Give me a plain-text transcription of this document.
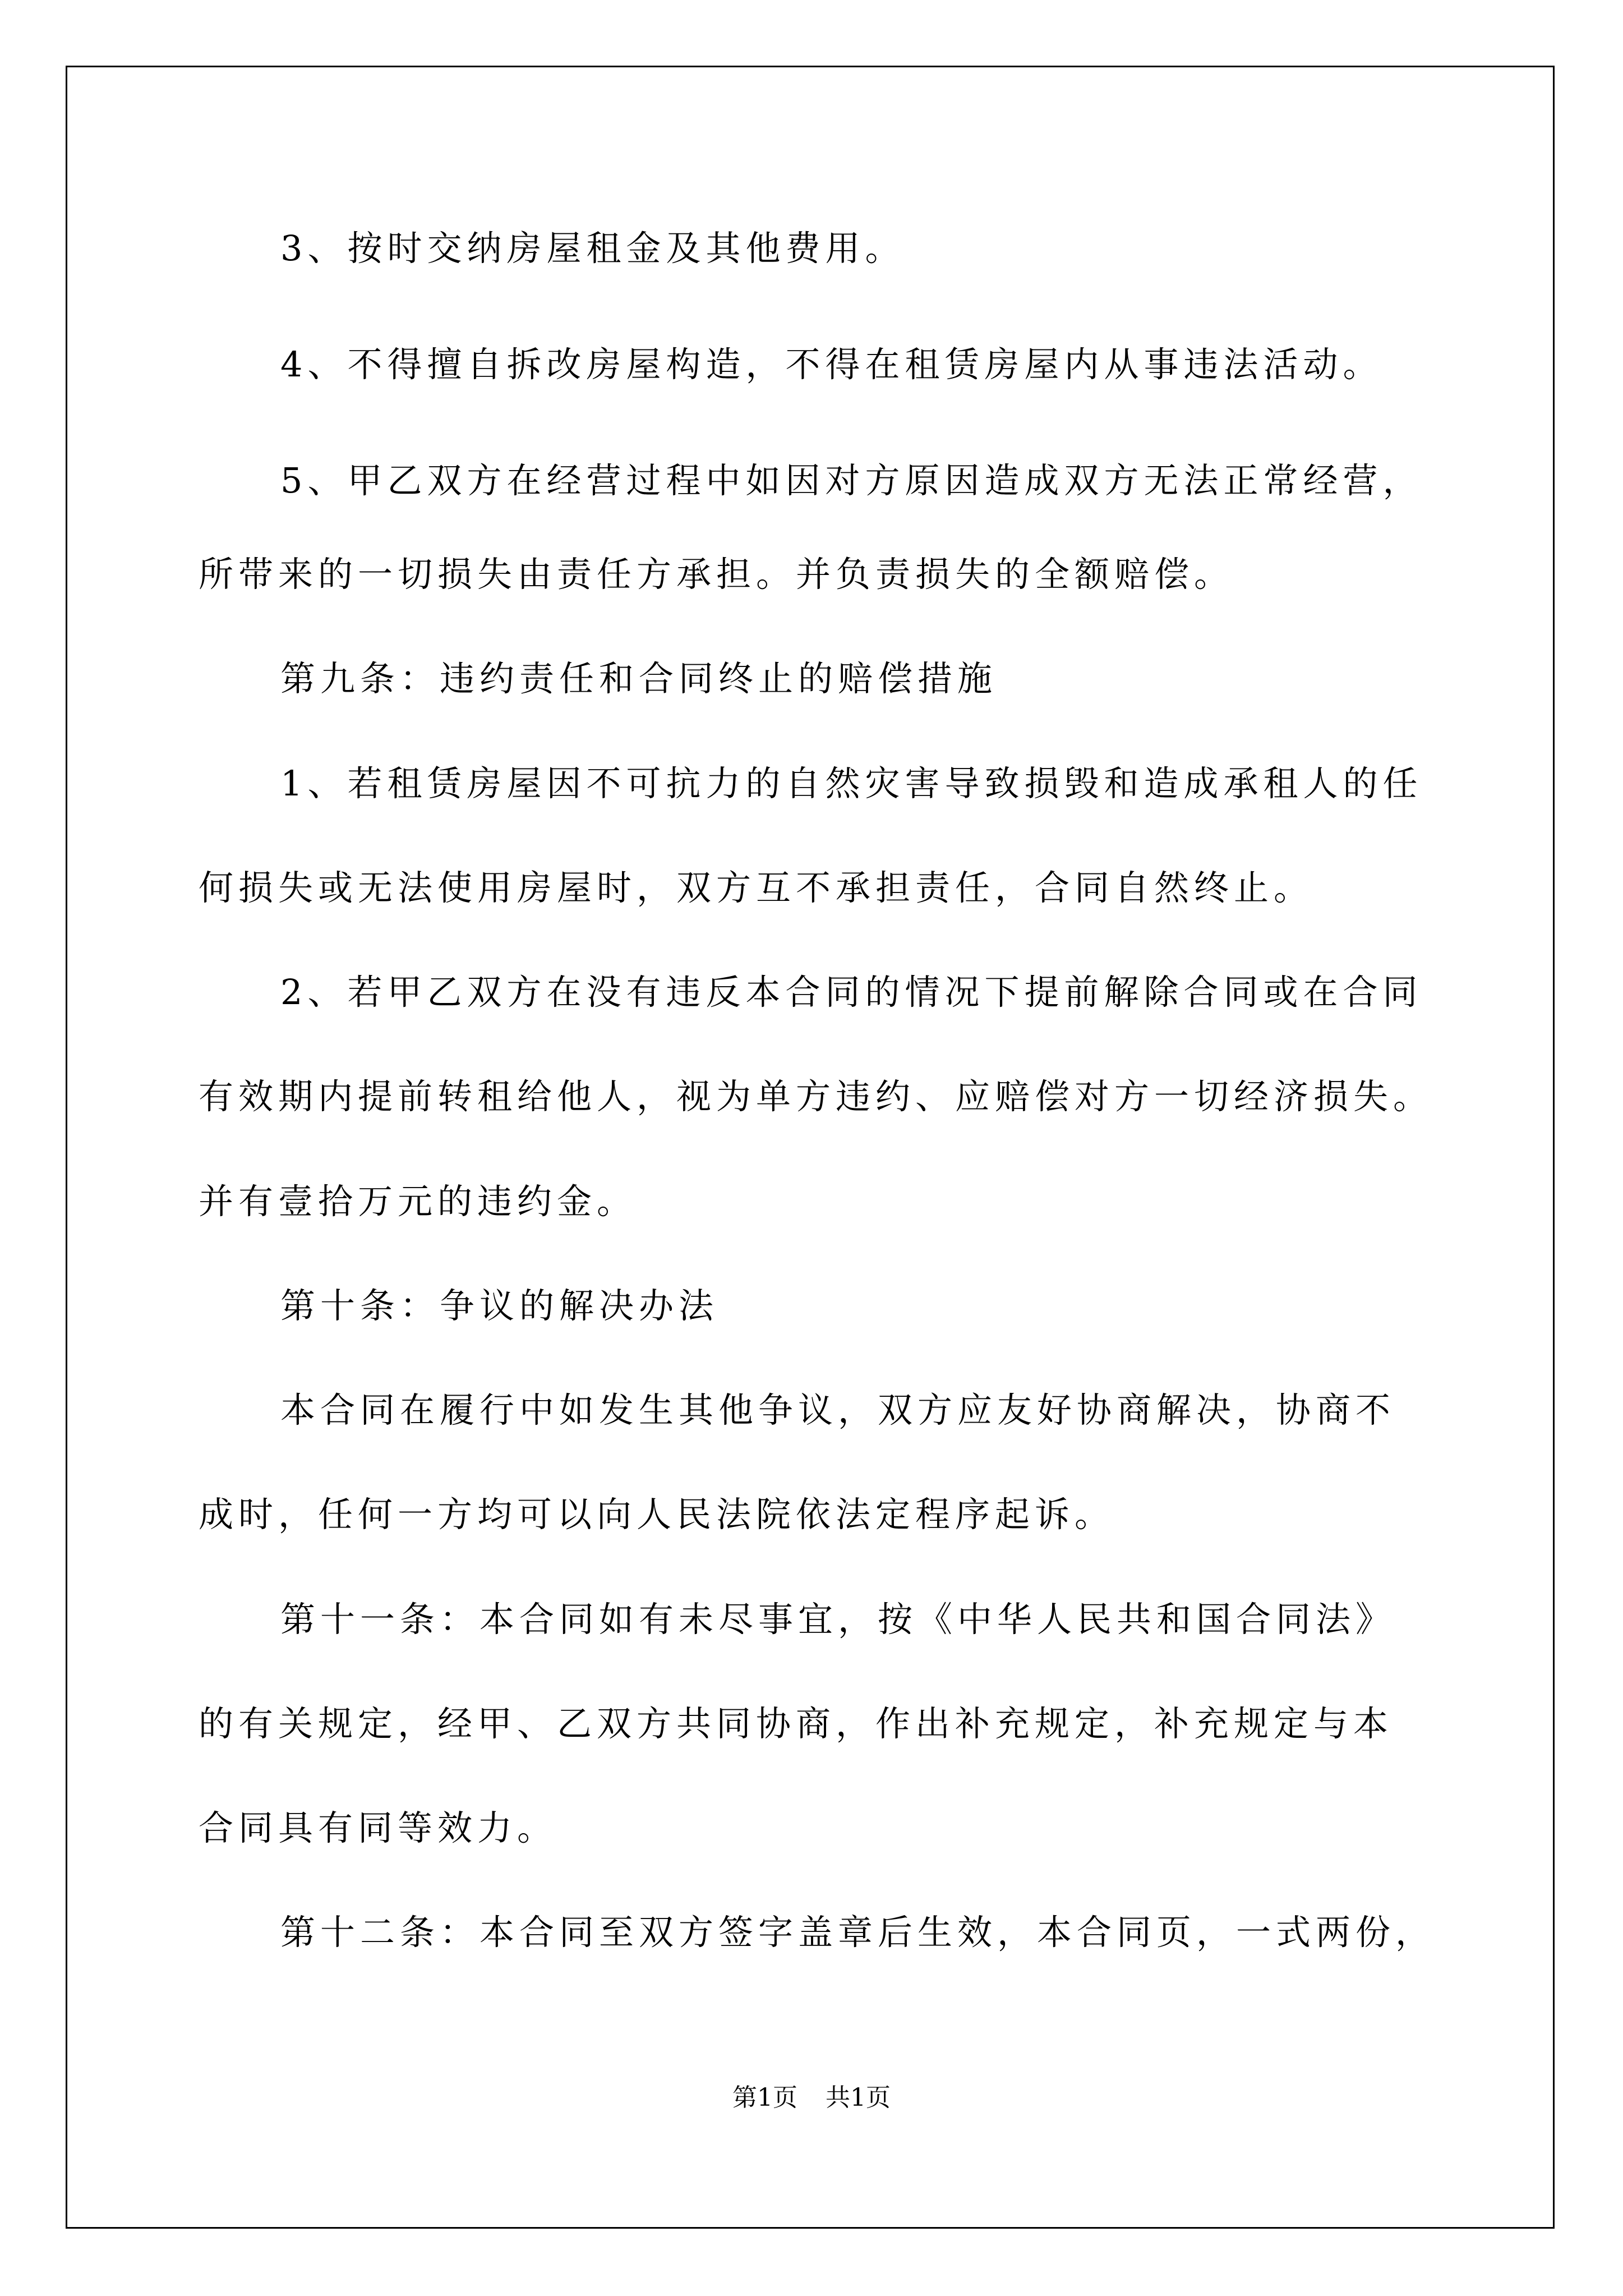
3、按时交纳房屋租金及其他费用。
4、不得擅自拆改房屋构造，不得在租赁房屋内从事违法活动。
5、甲乙双方在经营过程中如因对方原因造成双方无法正常经营，
所带来的一切损失由责任方承担。并负责损失的全额赔偿。
第九条：违约责任和合同终止的赔偿措施
1、若租赁房屋因不可抗力的自然灾害导致损毁和造成承租人的任
何损失或无法使用房屋时，双方互不承担责任，合同自然终止。
2、若甲乙双方在没有违反本合同的情况下提前解除合同或在合同
有效期内提前转租给他人，视为单方违约、应赔偿对方一切经济损失。
并有壹拾万元的违约金。
第十条：争议的解决办法
本合同在履行中如发生其他争议，双方应友好协商解决，协商不
成时，任何一方均可以向人民法院依法定程序起诉。
第十一条：本合同如有未尽事宜，按《中华人民共和国合同法》
的有关规定，经甲、乙双方共同协商，作出补充规定，补充规定与本
合同具有同等效力。
第十二条：本合同至双方签字盖章后生效，本合同页，一式两份，
第1页 共1页
